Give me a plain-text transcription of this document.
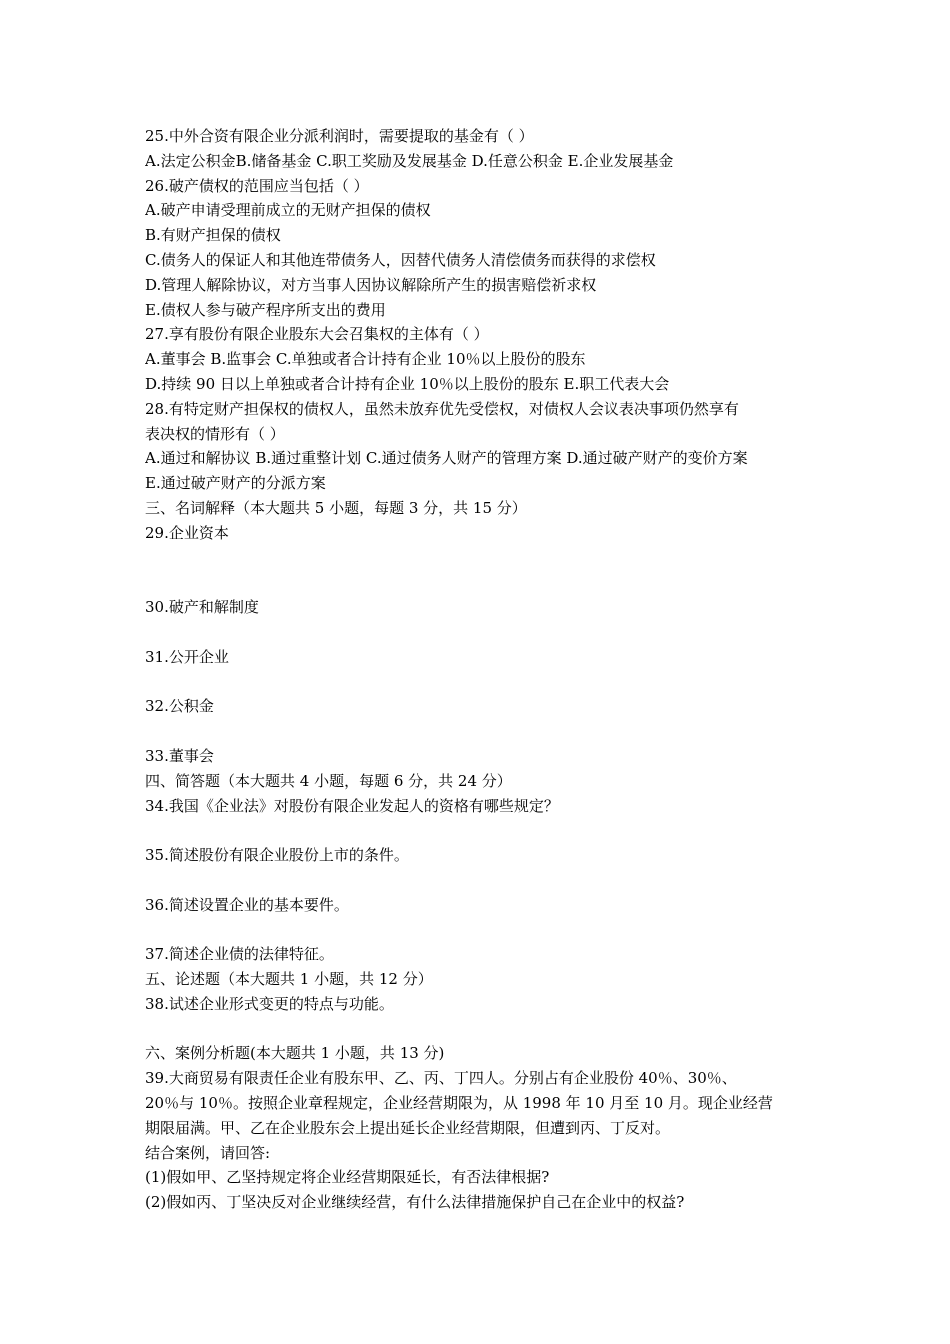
25.中外合资有限企业分派利润时，需要提取的基金有（ ）
A.法定公积金B.储备基金 C.职工奖励及发展基金 D.任意公积金 E.企业发展基金
26.破产债权的范围应当包括（ ）
A.破产申请受理前成立的无财产担保的债权
B.有财产担保的债权
C.债务人的保证人和其他连带债务人，因替代债务人清偿债务而获得的求偿权
D.管理人解除协议，对方当事人因协议解除所产生的损害赔偿祈求权
E.债权人参与破产程序所支出的费用
27.享有股份有限企业股东大会召集权的主体有（ ）
A.董事会 B.监事会 C.单独或者合计持有企业 10％以上股份的股东
D.持续 90 日以上单独或者合计持有企业 10％以上股份的股东 E.职工代表大会
28.有特定财产担保权的债权人，虽然未放弃优先受偿权，对债权人会议表决事项仍然享有
表决权的情形有（ ）
A.通过和解协议 B.通过重整计划 C.通过债务人财产的管理方案 D.通过破产财产的变价方案
E.通过破产财产的分派方案
三、名词解释（本大题共 5 小题，每题 3 分，共 15 分）
29.企业资本
30.破产和解制度
31.公开企业
32.公积金
33.董事会
四、简答题（本大题共 4 小题，每题 6 分，共 24 分）
34.我国《企业法》对股份有限企业发起人的资格有哪些规定？
35.简述股份有限企业股份上市的条件。
36.简述设置企业的基本要件。
37.简述企业债的法律特征。
五、论述题（本大题共 1 小题，共 12 分）
38.试述企业形式变更的特点与功能。
六、案例分析题(本大题共 1 小题，共 13 分)
39.大商贸易有限责任企业有股东甲、乙、丙、丁四人。分别占有企业股份 40％、30％、
20％与 10％。按照企业章程规定，企业经营期限为，从 1998 年 10 月至 10 月。现企业经营
期限届满。甲、乙在企业股东会上提出延长企业经营期限，但遭到丙、丁反对。
结合案例，请回答:
(1)假如甲、乙坚持规定将企业经营期限延长，有否法律根据?
(2)假如丙、丁坚决反对企业继续经营，有什么法律措施保护自己在企业中的权益?
